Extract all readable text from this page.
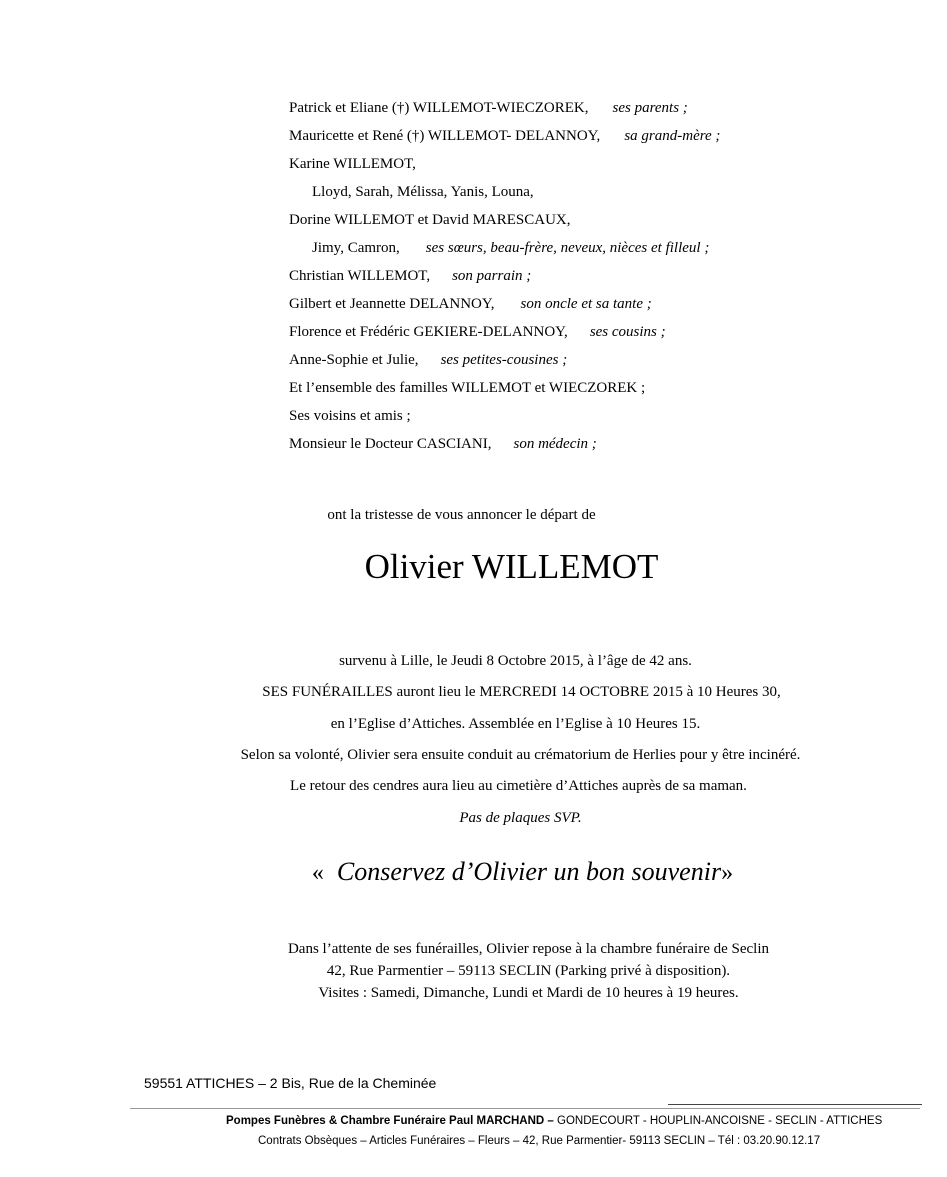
Patrick et Eliane (†) WILLEMOT-WIECZOREK, ses parents ;
Mauricette et René (†) WILLEMOT- DELANNOY, sa grand-mère ;
Karine WILLEMOT,
Lloyd, Sarah, Mélissa, Yanis, Louna,
Dorine WILLEMOT et David MARESCAUX,
Jimy, Camron, ses sœurs, beau-frère, neveux, nièces et filleul ;
Christian WILLEMOT, son parrain ;
Gilbert et Jeannette DELANNOY, son oncle et sa tante ;
Florence et Frédéric GEKIERE-DELANNOY, ses cousins ;
Anne-Sophie et Julie, ses petites-cousines ;
Et l’ensemble des familles WILLEMOT et WIECZOREK ;
Ses voisins et amis ;
Monsieur le Docteur CASCIANI, son médecin ;
ont la tristesse de vous annoncer le départ de
Olivier WILLEMOT
survenu à Lille, le Jeudi 8 Octobre 2015, à l’âge de 42 ans.
SES FUNÉRAILLES auront lieu le MERCREDI 14 OCTOBRE 2015 à 10 Heures 30,
en l’Eglise d’Attiches. Assemblée en l’Eglise à 10 Heures 15.
Selon sa volonté, Olivier sera ensuite conduit au crématorium de Herlies pour y être incinéré.
Le retour des cendres aura lieu au cimetière d’Attiches auprès de sa maman.
Pas de plaques SVP.
« Conservez d’Olivier un bon souvenir»
Dans l’attente de ses funérailles, Olivier repose à la chambre funéraire de Seclin
42, Rue Parmentier – 59113 SECLIN (Parking privé à disposition).
Visites : Samedi, Dimanche, Lundi et Mardi de 10 heures à 19 heures.
59551 ATTICHES – 2 Bis, Rue de la Cheminée
Pompes Funèbres & Chambre Funéraire Paul MARCHAND – GONDECOURT - HOUPLIN-ANCOISNE - SECLIN - ATTICHES
Contrats Obsèques – Articles Funéraires – Fleurs – 42, Rue Parmentier- 59113 SECLIN – Tél : 03.20.90.12.17
